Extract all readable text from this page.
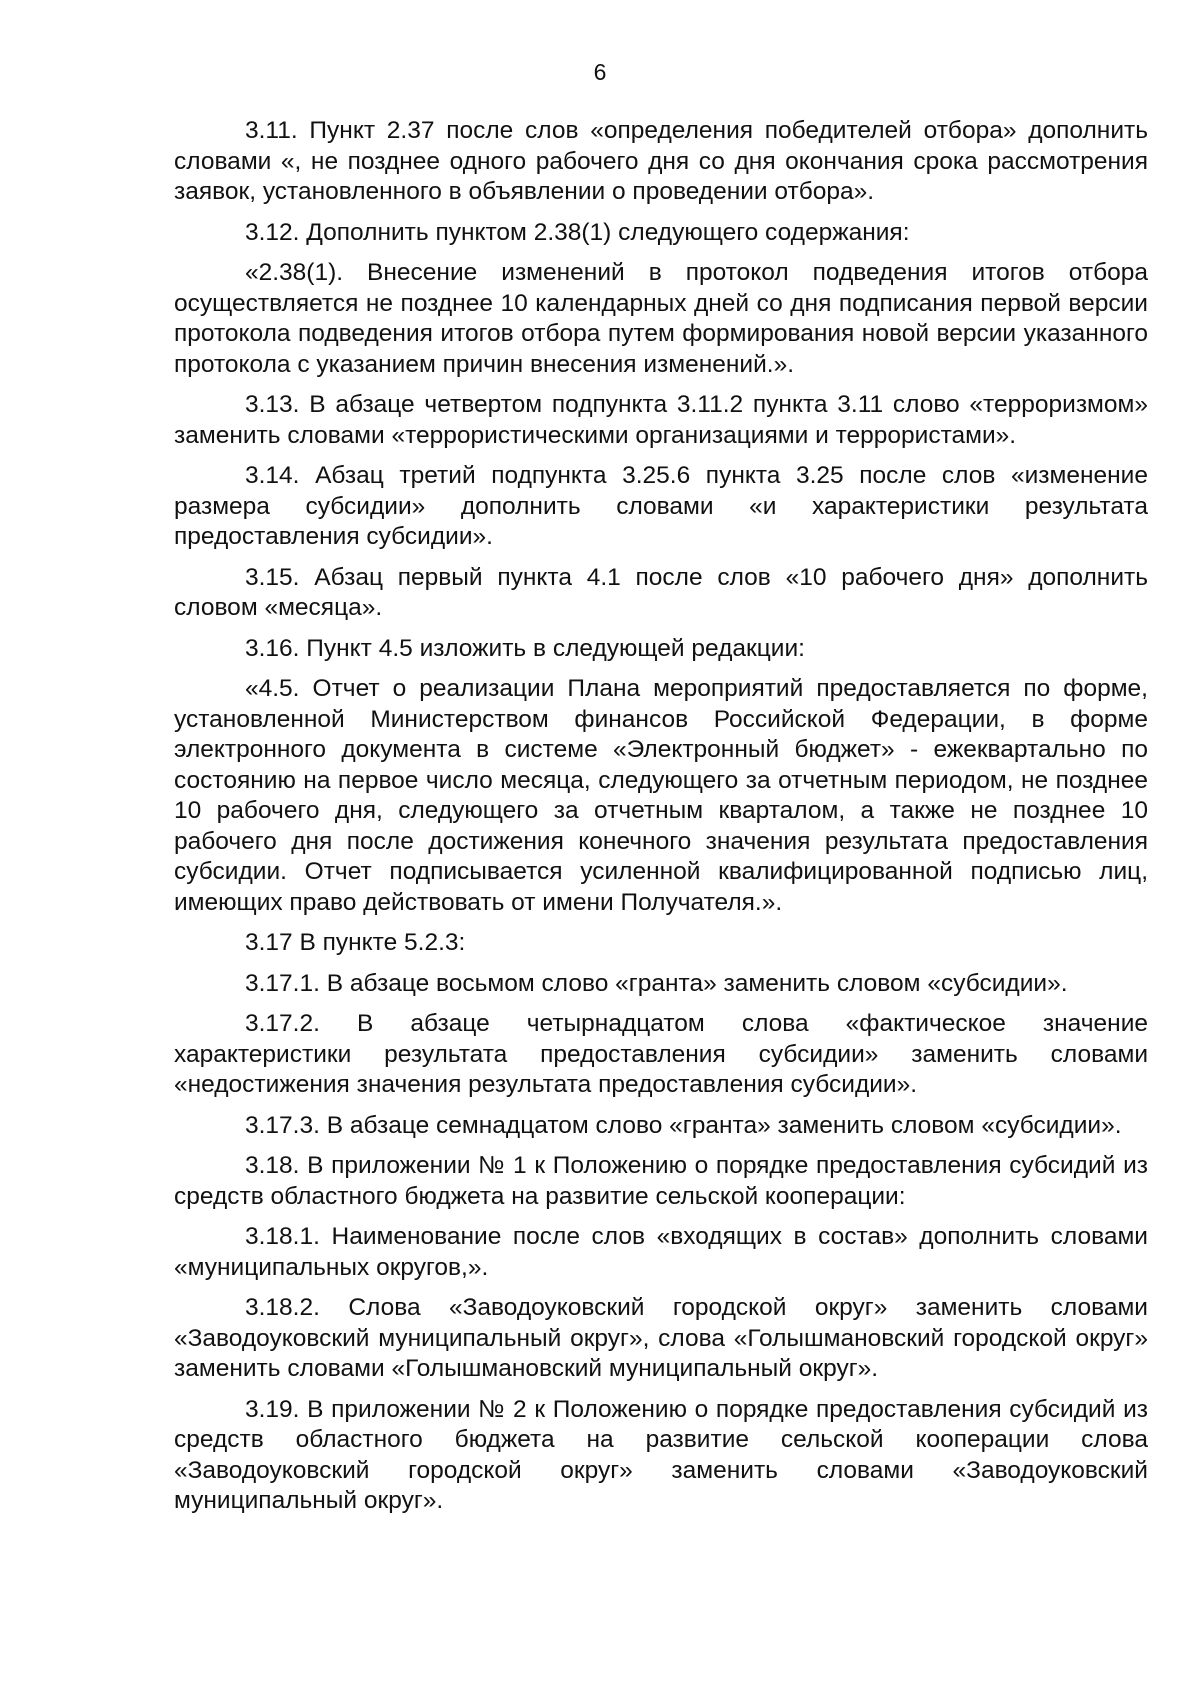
6

3.11. Пункт 2.37 после слов «определения победителей отбора» дополнить словами «, не позднее одного рабочего дня со дня окончания срока рассмотрения заявок, установленного в объявлении о проведении отбора».

3.12. Дополнить пунктом 2.38(1) следующего содержания:

«2.38(1). Внесение изменений в протокол подведения итогов отбора осуществляется не позднее 10 календарных дней со дня подписания первой версии протокола подведения итогов отбора путем формирования новой версии указанного протокола с указанием причин внесения изменений.».

3.13. В абзаце четвертом подпункта 3.11.2 пункта 3.11 слово «терроризмом» заменить словами «террористическими организациями и террористами».

3.14. Абзац третий подпункта 3.25.6 пункта 3.25 после слов «изменение размера субсидии» дополнить словами «и характеристики результата предоставления субсидии».

3.15. Абзац первый пункта 4.1 после слов «10 рабочего дня» дополнить словом «месяца».

3.16. Пункт 4.5 изложить в следующей редакции:

«4.5. Отчет о реализации Плана мероприятий предоставляется по форме, установленной Министерством финансов Российской Федерации, в форме электронного документа в системе «Электронный бюджет» - ежеквартально по состоянию на первое число месяца, следующего за отчетным периодом, не позднее 10 рабочего дня, следующего за отчетным кварталом, а также не позднее 10 рабочего дня после достижения конечного значения результата предоставления субсидии. Отчет подписывается усиленной квалифицированной подписью лиц, имеющих право действовать от имени Получателя.».

3.17 В пункте 5.2.3:

3.17.1. В абзаце восьмом слово «гранта» заменить словом «субсидии».

3.17.2. В абзаце четырнадцатом слова «фактическое значение характеристики результата предоставления субсидии» заменить словами «недостижения значения результата предоставления субсидии».

3.17.3. В абзаце семнадцатом слово «гранта» заменить словом «субсидии».

3.18. В приложении № 1 к Положению о порядке предоставления субсидий из средств областного бюджета на развитие сельской кооперации:

3.18.1. Наименование после слов «входящих в состав» дополнить словами «муниципальных округов,».

3.18.2. Слова «Заводоуковский городской округ» заменить словами «Заводоуковский муниципальный округ», слова «Голышмановский городской округ» заменить словами «Голышмановский муниципальный округ».

3.19. В приложении № 2 к Положению о порядке предоставления субсидий из средств областного бюджета на развитие сельской кооперации слова «Заводоуковский городской округ» заменить словами «Заводоуковский муниципальный округ».
